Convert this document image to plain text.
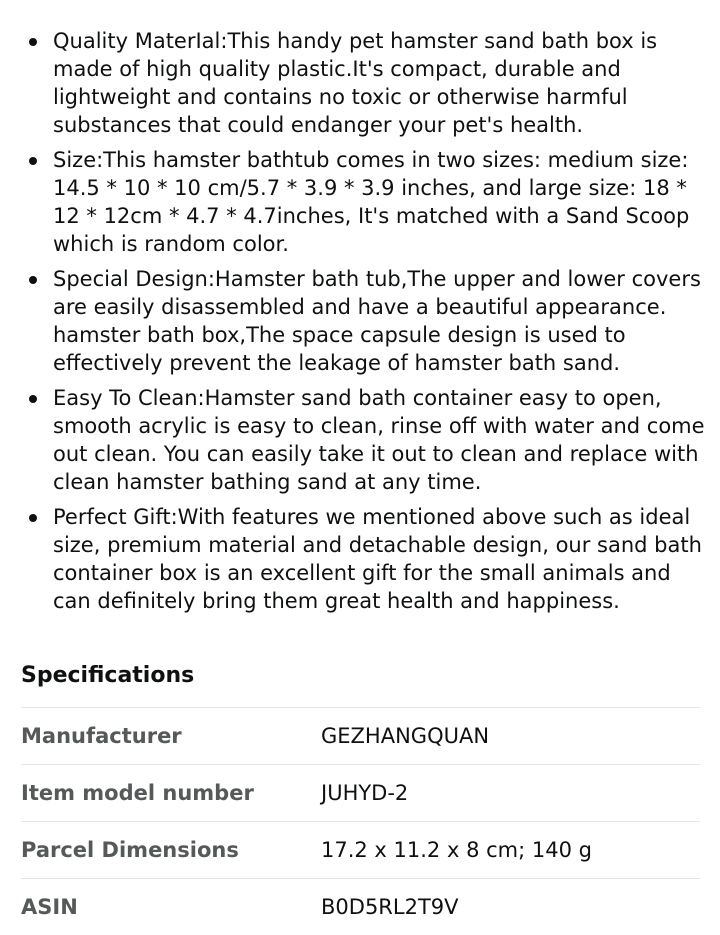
Quality MaterIal:This handy pet hamster sand bath box is made of high quality plastic.It's compact, durable and lightweight and contains no toxic or otherwise harmful substances that could endanger your pet's health.
Size:This hamster bathtub comes in two sizes: medium size: 14.5 * 10 * 10 cm/5.7 * 3.9 * 3.9 inches, and large size: 18 * 12 * 12cm * 4.7 * 4.7inches, It's matched with a Sand Scoop which is random color.
Special Design:Hamster bath tub,The upper and lower covers are easily disassembled and have a beautiful appearance. hamster bath box,The space capsule design is used to effectively prevent the leakage of hamster bath sand.
Easy To Clean:Hamster sand bath container easy to open, smooth acrylic is easy to clean, rinse off with water and come out clean. You can easily take it out to clean and replace with clean hamster bathing sand at any time.
Perfect Gift:With features we mentioned above such as ideal size, premium material and detachable design, our sand bath container box is an excellent gift for the small animals and can definitely bring them great health and happiness.
Specifications
Manufacturer	GEZHANGQUAN
Item model number	JUHYD-2
Parcel Dimensions	17.2 x 11.2 x 8 cm; 140 g
ASIN	B0D5RL2T9V
